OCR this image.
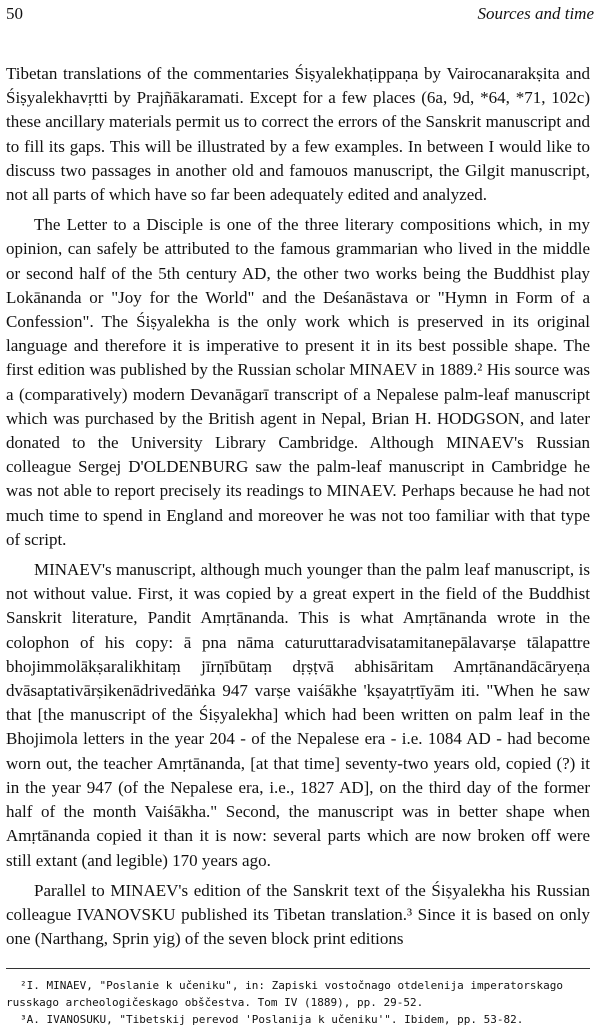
50	Sources and time

Tibetan translations of the commentaries Śiṣyalekhaṭippaṇa by Vairocanarakṣita and Śiṣyalekhavṛtti by Prajñākaramati. Except for a few places (6a, 9d, *64, *71, 102c) these ancillary materials permit us to correct the errors of the Sanskrit manuscript and to fill its gaps. This will be illustrated by a few examples. In between I would like to discuss two passages in another old and famouos manuscript, the Gilgit manuscript, not all parts of which have so far been adequately edited and analyzed.

The Letter to a Disciple is one of the three literary compositions which, in my opinion, can safely be attributed to the famous grammarian who lived in the middle or second half of the 5th century AD, the other two works being the Buddhist play Lokānanda or "Joy for the World" and the Deśanāstava or "Hymn in Form of a Confession". The Śiṣyalekha is the only work which is preserved in its original language and therefore it is imperative to present it in its best possible shape. The first edition was published by the Russian scholar MINAEV in 1889.² His source was a (comparatively) modern Devanāgarī transcript of a Nepalese palm-leaf manuscript which was purchased by the British agent in Nepal, Brian H. HODGSON, and later donated to the University Library Cambridge. Although MINAEV's Russian colleague Sergej D'OLDENBURG saw the palm-leaf manuscript in Cambridge he was not able to report precisely its readings to MINAEV. Perhaps because he had not much time to spend in England and moreover he was not too familiar with that type of script.

MINAEV's manuscript, although much younger than the palm leaf manuscript, is not without value. First, it was copied by a great expert in the field of the Buddhist Sanskrit literature, Pandit Amṛtānanda. This is what Amṛtānanda wrote in the colophon of his copy: ā pna nāma caturuttaradvisatamitanepālavarṣe tālapattre bhojimmolākṣaralikhitaṃ jīrṇībūtaṃ dṛṣṭvā abhisāritam Amṛtānandācāryeṇa dvāsaptativārṣikenādrivedāṅka 947 varṣe vaiśākhe 'kṣayatṛtīyām iti. "When he saw that [the manuscript of the Śiṣyalekha] which had been written on palm leaf in the Bhojimola letters in the year 204 - of the Nepalese era - i.e. 1084 AD - had become worn out, the teacher Amṛtānanda, [at that time] seventy-two years old, copied (?) it in the year 947 (of the Nepalese era, i.e., 1827 AD], on the third day of the former half of the month Vaiśākha." Second, the manuscript was in better shape when Amṛtānanda copied it than it is now: several parts which are now broken off were still extant (and legible) 170 years ago.

Parallel to MINAEV's edition of the Sanskrit text of the Śiṣyalekha his Russian colleague IVANOVSKU published its Tibetan translation.³ Since it is based on only one (Narthang, Sprin yig) of the seven block print editions

²I. MINAEV, "Poslanie k učeniku", in: Zapiski vostočnago otdelenija imperatorskago russkago archeologičeskago obščestva. Tom IV (1889), pp. 29-52.

³A. IVANOSUKU, "Tibetskij perevod 'Poslanija k učeniku'". Ibidem, pp. 53-82.
